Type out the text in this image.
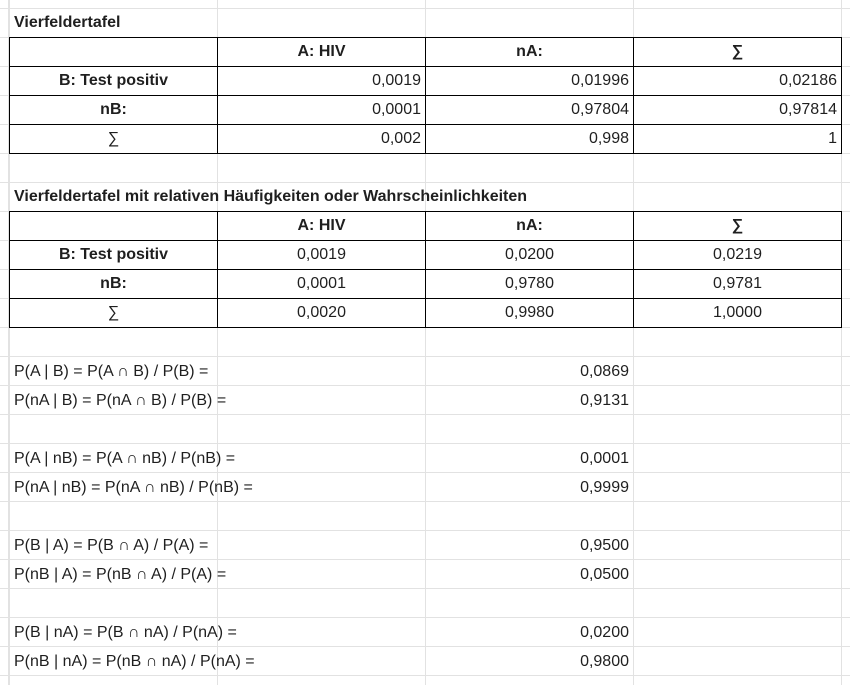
Vierfeldertafel
	A: HIV	nA:	∑
B: Test positiv	0,0019	0,01996	0,02186
nB:	0,0001	0,97804	0,97814
∑	0,002	0,998	1
Vierfeldertafel mit relativen Häufigkeiten oder Wahrscheinlichkeiten
	A: HIV	nA:	∑
B: Test positiv	0,0019	0,0200	0,0219
nB:	0,0001	0,9780	0,9781
∑	0,0020	0,9980	1,0000
P(A | B) = P(A ∩ B) / P(B) =	0,0869
P(nA | B) = P(nA ∩ B) / P(B) =	0,9131
P(A | nB) = P(A ∩ nB) / P(nB) =	0,0001
P(nA | nB) = P(nA ∩ nB) / P(nB) =	0,9999
P(B | A) = P(B ∩ A) / P(A) =	0,9500
P(nB | A) = P(nB ∩ A) / P(A) =	0,0500
P(B | nA) = P(B ∩ nA) / P(nA) =	0,0200
P(nB | nA) = P(nB ∩ nA) / P(nA) =	0,9800
